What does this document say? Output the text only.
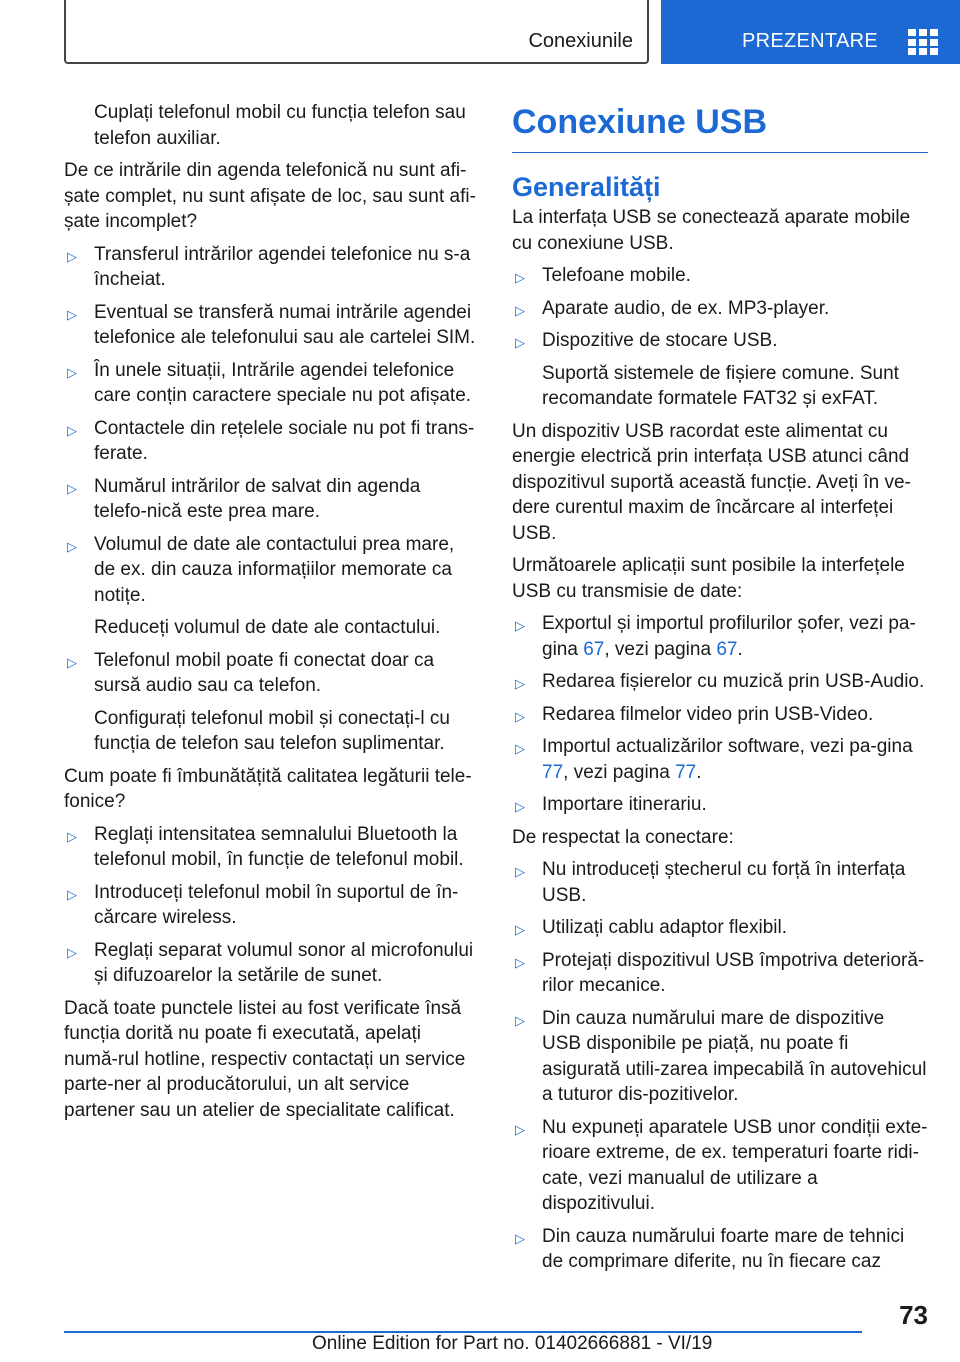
Conexiunile	PREZENTARE
Cuplați telefonul mobil cu funcția telefon sau telefon auxiliar.
De ce intrările din agenda telefonică nu sunt afi-șate complet, nu sunt afișate de loc, sau sunt afi-șate incomplet?
▷ Transferul intrărilor agendei telefonice nu s-a încheiat.
▷ Eventual se transferă numai intrările agendei telefonice ale telefonului sau ale cartelei SIM.
▷ În unele situații, Intrările agendei telefonice care conțin caractere speciale nu pot afișate.
▷ Contactele din rețelele sociale nu pot fi trans-ferate.
▷ Numărul intrărilor de salvat din agenda telefo-nică este prea mare.
▷ Volumul de date ale contactului prea mare, de ex. din cauza informațiilor memorate ca notițe.
Reduceți volumul de date ale contactului.
▷ Telefonul mobil poate fi conectat doar ca sursă audio sau ca telefon.
Configurați telefonul mobil și conectați-l cu funcția de telefon sau telefon suplimentar.
Cum poate fi îmbunătățită calitatea legăturii tele-fonice?
▷ Reglați intensitatea semnalului Bluetooth la telefonul mobil, în funcție de telefonul mobil.
▷ Introduceți telefonul mobil în suportul de în-cărcare wireless.
▷ Reglați separat volumul sonor al microfonului și difuzoarelor la setările de sunet.
Dacă toate punctele listei au fost verificate însă funcția dorită nu poate fi executată, apelați numă-rul hotline, respectiv contactați un service parte-ner al producătorului, un alt service partener sau un atelier de specialitate calificat.
Conexiune USB
Generalități
La interfața USB se conectează aparate mobile cu conexiune USB.
▷ Telefoane mobile.
▷ Aparate audio, de ex. MP3-player.
▷ Dispozitive de stocare USB.
Suportă sistemele de fișiere comune. Sunt recomandate formatele FAT32 și exFAT.
Un dispozitiv USB racordat este alimentat cu energie electrică prin interfața USB atunci când dispozitivul suportă această funcție. Aveți în ve-dere curentul maxim de încărcare al interfeței USB.
Următoarele aplicații sunt posibile la interfețele USB cu transmisie de date:
▷ Exportul și importul profilurilor șofer, vezi pa-gina 67, vezi pagina 67.
▷ Redarea fișierelor cu muzică prin USB-Audio.
▷ Redarea filmelor video prin USB-Video.
▷ Importul actualizărilor software, vezi pa-gina 77, vezi pagina 77.
▷ Importare itinerariu.
De respectat la conectare:
▷ Nu introduceți ștecherul cu forță în interfața USB.
▷ Utilizați cablu adaptor flexibil.
▷ Protejați dispozitivul USB împotriva deterioră-rilor mecanice.
▷ Din cauza numărului mare de dispozitive USB disponibile pe piață, nu poate fi asigurată utili-zarea impecabilă în autovehicul a tuturor dis-pozitivelor.
▷ Nu expuneți aparatele USB unor condiții exte-rioare extreme, de ex. temperaturi foarte ridi-cate, vezi manualul de utilizare a dispozitivului.
▷ Din cauza numărului foarte mare de tehnici de comprimare diferite, nu în fiecare caz
73
Online Edition for Part no. 01402666881 - VI/19
